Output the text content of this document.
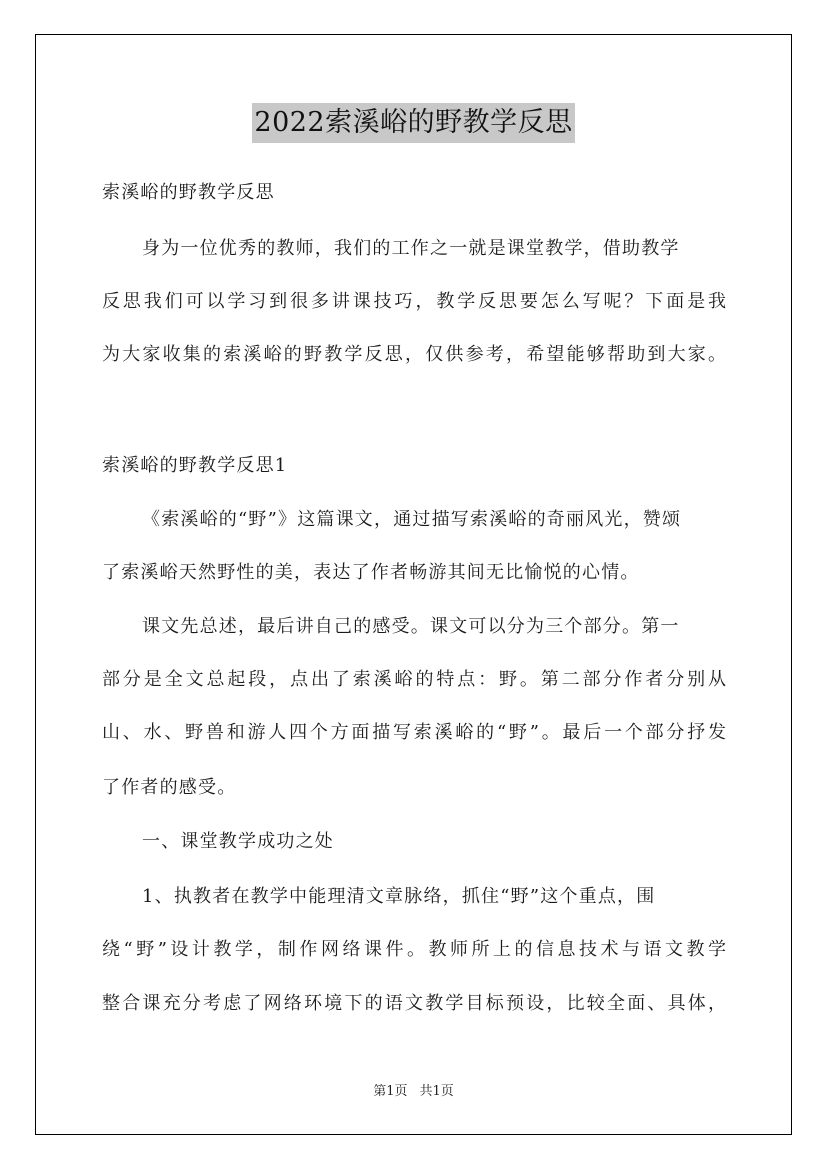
2022索溪峪的野教学反思
索溪峪的野教学反思
身为一位优秀的教师，我们的工作之一就是课堂教学，借助教学
反思我们可以学习到很多讲课技巧，教学反思要怎么写呢？下面是我
为大家收集的索溪峪的野教学反思，仅供参考，希望能够帮助到大家。
索溪峪的野教学反思1
《索溪峪的“野”》这篇课文，通过描写索溪峪的奇丽风光，赞颂
了索溪峪天然野性的美，表达了作者畅游其间无比愉悦的心情。
课文先总述，最后讲自己的感受。课文可以分为三个部分。第一
部分是全文总起段，点出了索溪峪的特点：野。第二部分作者分别从
山、水、野兽和游人四个方面描写索溪峪的“野”。最后一个部分抒发
了作者的感受。
一、课堂教学成功之处
1、执教者在教学中能理清文章脉络，抓住“野”这个重点，围
绕“野”设计教学，制作网络课件。教师所上的信息技术与语文教学
整合课充分考虑了网络环境下的语文教学目标预设，比较全面、具体，
第1页 共1页
